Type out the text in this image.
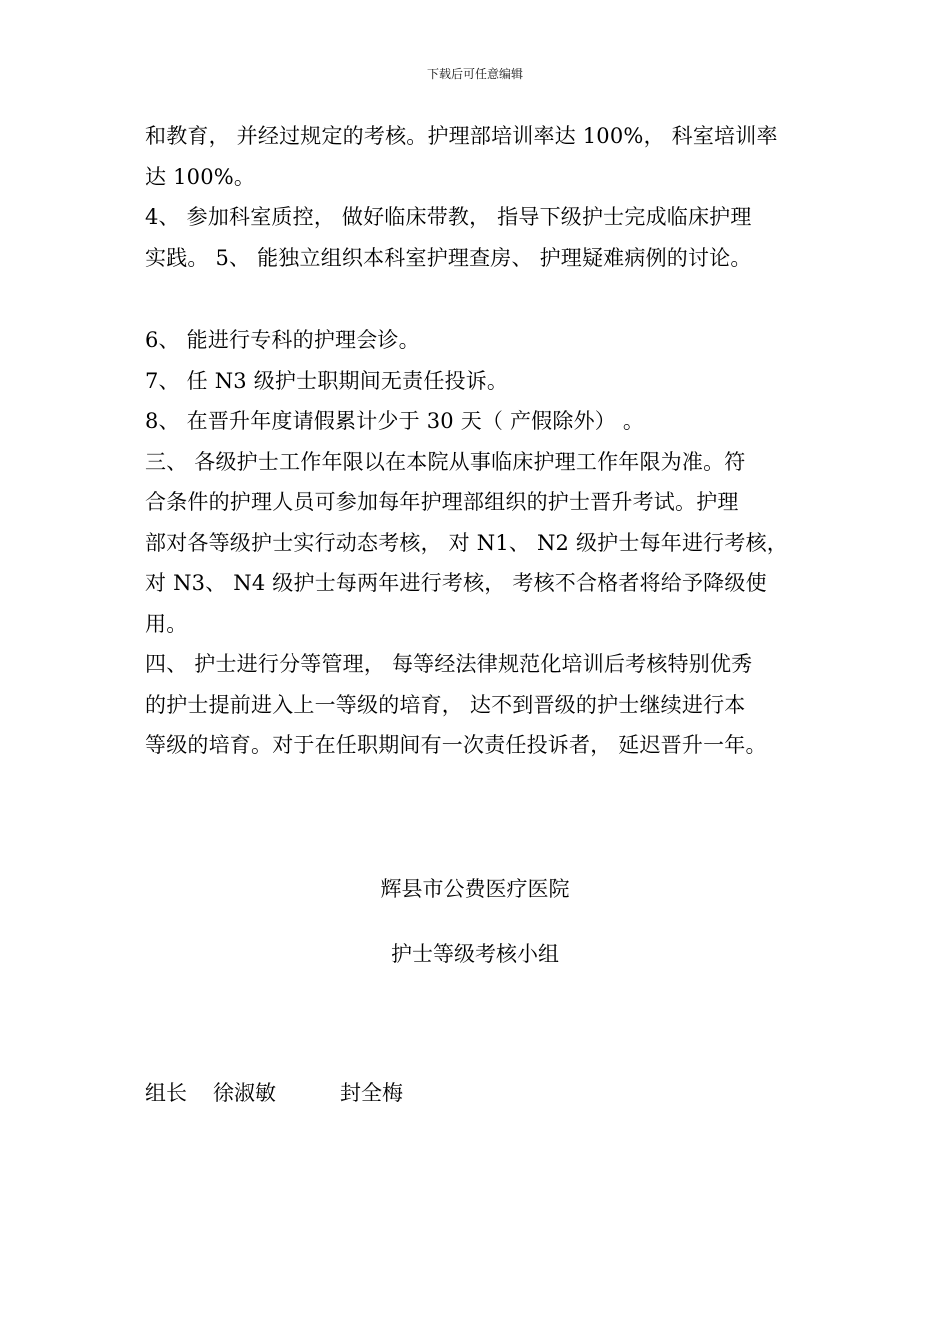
下载后可任意编辑
和教育， 并经过规定的考核。护理部培训率达 100%， 科室培训率
达 100%。
4、 参加科室质控， 做好临床带教， 指导下级护士完成临床护理
实践。 5、 能独立组织本科室护理查房、 护理疑难病例的讨论。
6、 能进行专科的护理会诊。
7、 任 N3 级护士职期间无责任投诉。
8、 在晋升年度请假累计少于 30 天（ 产假除外） 。
三、 各级护士工作年限以在本院从事临床护理工作年限为准。符
合条件的护理人员可参加每年护理部组织的护士晋升考试。护理
部对各等级护士实行动态考核， 对 N1、 N2 级护士每年进行考核，
对 N3、 N4 级护士每两年进行考核， 考核不合格者将给予降级使
用。
四、 护士进行分等管理， 每等经法律规范化培训后考核特别优秀
的护士提前进入上一等级的培育， 达不到晋级的护士继续进行本
等级的培育。对于在任职期间有一次责任投诉者， 延迟晋升一年。
辉县市公费医疗医院
护士等级考核小组
组长 徐淑敏	封全梅
